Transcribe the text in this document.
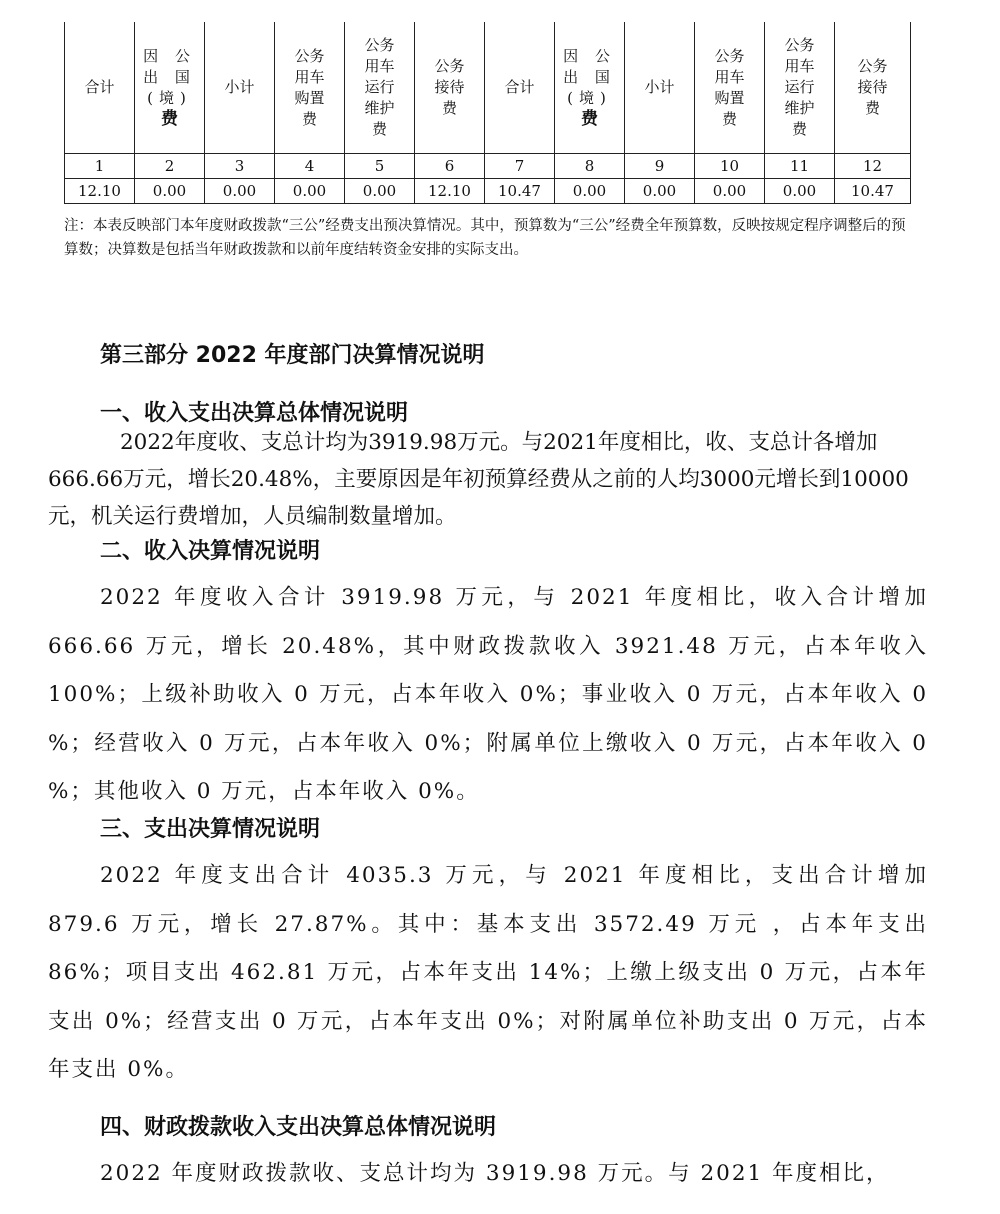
合计	因 公
出 国
(境)
费	小计	公务
用车
购置
费	公务
用车
运行
维护
费	公务
接待
费	合计	因 公
出 国
(境)
费	小计	公务
用车
购置
费	公务
用车
运行
维护
费	公务
接待
费

1	2	3	4	5	6	7	8	9	10	11	12
12.10	0.00	0.00	0.00	0.00	12.10	10.47	0.00	0.00	0.00	0.00	10.47
注：本表反映部门本年度财政拨款“三公”经费支出预决算情况。其中，预算数为“三公”经费全年预算数，反映按规定程序调整后的预算数；决算数是包括当年财政拨款和以前年度结转资金安排的实际支出。
第三部分 2022 年度部门决算情况说明
一、收入支出决算总体情况说明
2022年度收、支总计均为3919.98万元。与2021年度相比，收、支总计各增加666.66万元，增长20.48%，主要原因是年初预算经费从之前的人均3000元增长到10000元，机关运行费增加，人员编制数量增加。
二、收入决算情况说明
2022 年度收入合计 3919.98 万元，与 2021 年度相比，收入合计增加 666.66 万元，增长 20.48%，其中财政拨款收入 3921.48 万元，占本年收入 100%；上级补助收入 0 万元，占本年收入 0%；事业收入 0 万元，占本年收入 0 %；经营收入 0 万元，占本年收入 0%；附属单位上缴收入 0 万元，占本年收入 0 %；其他收入 0 万元，占本年收入 0%。
三、支出决算情况说明
2022 年度支出合计 4035.3 万元，与 2021 年度相比，支出合计增加 879.6 万元，增长 27.87%。其中：基本支出 3572.49 万元 ，占本年支出 86%；项目支出 462.81 万元，占本年支出 14%；上缴上级支出 0 万元，占本年支出 0%；经营支出 0 万元，占本年支出 0%；对附属单位补助支出 0 万元，占本年支出 0%。
四、财政拨款收入支出决算总体情况说明
2022 年度财政拨款收、支总计均为 3919.98 万元。与 2021 年度相比，
